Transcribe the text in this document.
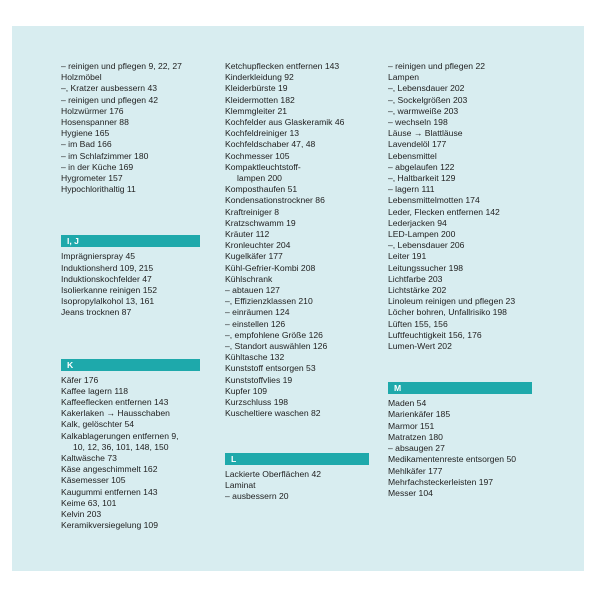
– reinigen und pflegen 9, 22, 27
Holzmöbel
–, Kratzer ausbessern 43
– reinigen und pflegen 42
Holzwürmer 176
Hosenspanner 88
Hygiene 165
– im Bad 166
– im Schlafzimmer 180
– in der Küche 169
Hygrometer 157
Hypochlorithaltig 11
I, J
Imprägnierspray 45
Induktionsherd 109, 215
Induktionskochfelder 47
Isolierkanne reinigen 152
Isopropylalkohol 13, 161
Jeans trocknen 87
K
Käfer 176
Kaffee lagern 118
Kaffeeflecken entfernen 143
Kakerlaken → Hausschaben
Kalk, gelöschter 54
Kalkablagerungen entfernen 9,
10, 12, 36, 101, 148, 150
Kaltwäsche 73
Käse angeschimmelt 162
Käsemesser 105
Kaugummi entfernen 143
Keime 63, 101
Kelvin 203
Keramikversiegelung 109
Ketchupflecken entfernen 143
Kinderkleidung 92
Kleiderbürste 19
Kleidermotten 182
Klemmgleiter 21
Kochfelder aus Glaskeramik 46
Kochfeldreiniger 13
Kochfeldschaber 47, 48
Kochmesser 105
Kompaktleuchtstoff-
lampen 200
Komposthaufen 51
Kondensationstrockner 86
Kraftreiniger 8
Kratzschwamm 19
Kräuter 112
Kronleuchter 204
Kugelkäfer 177
Kühl-Gefrier-Kombi 208
Kühlschrank
– abtauen 127
–, Effizienzklassen 210
– einräumen 124
– einstellen 126
–, empfohlene Größe 126
–, Standort auswählen 126
Kühltasche 132
Kunststoff entsorgen 53
Kunststoffvlies 19
Kupfer 109
Kurzschluss 198
Kuscheltiere waschen 82
L
Lackierte Oberflächen 42
Laminat
– ausbessern 20
– reinigen und pflegen 22
Lampen
–, Lebensdauer 202
–, Sockelgrößen 203
–, warmweiße 203
– wechseln 198
Läuse → Blattläuse
Lavendelöl 177
Lebensmittel
– abgelaufen 122
–, Haltbarkeit 129
– lagern 111
Lebensmittelmotten 174
Leder, Flecken entfernen 142
Lederjacken 94
LED-Lampen 200
–, Lebensdauer 206
Leiter 191
Leitungssucher 198
Lichtfarbe 203
Lichtstärke 202
Linoleum reinigen und pflegen 23
Löcher bohren, Unfallrisiko 198
Lüften 155, 156
Luftfeuchtigkeit 156, 176
Lumen-Wert 202
M
Maden 54
Marienkäfer 185
Marmor 151
Matratzen 180
– absaugen 27
Medikamentenreste entsorgen 50
Mehlkäfer 177
Mehrfachsteckerleisten 197
Messer 104
